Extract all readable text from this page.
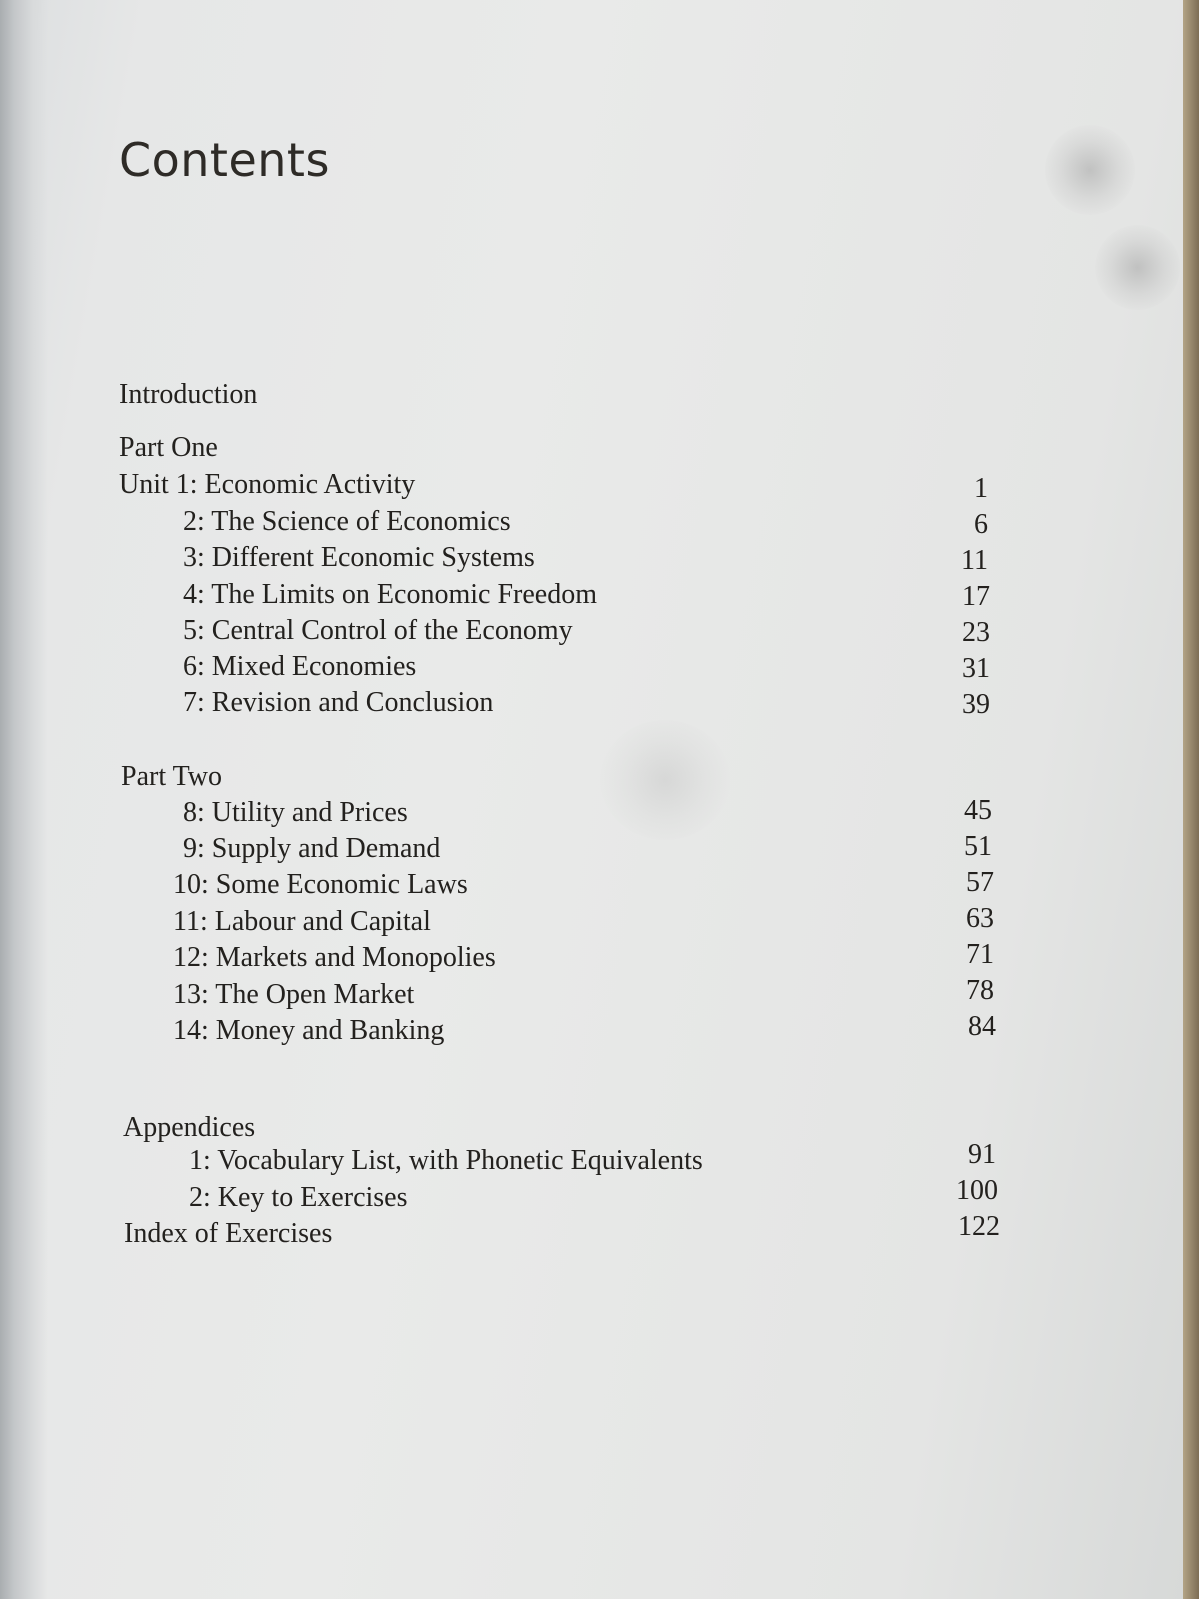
Contents
Introduction
Part One
Unit 1: Economic Activity	1
2: The Science of Economics	6
3: Different Economic Systems	11
4: The Limits on Economic Freedom	17
5: Central Control of the Economy	23
6: Mixed Economies	31
7: Revision and Conclusion	39
Part Two
8: Utility and Prices	45
9: Supply and Demand	51
10: Some Economic Laws	57
11: Labour and Capital	63
12: Markets and Monopolies	71
13: The Open Market	78
14: Money and Banking	84
Appendices
1: Vocabulary List, with Phonetic Equivalents	91
2: Key to Exercises	100
Index of Exercises	122
